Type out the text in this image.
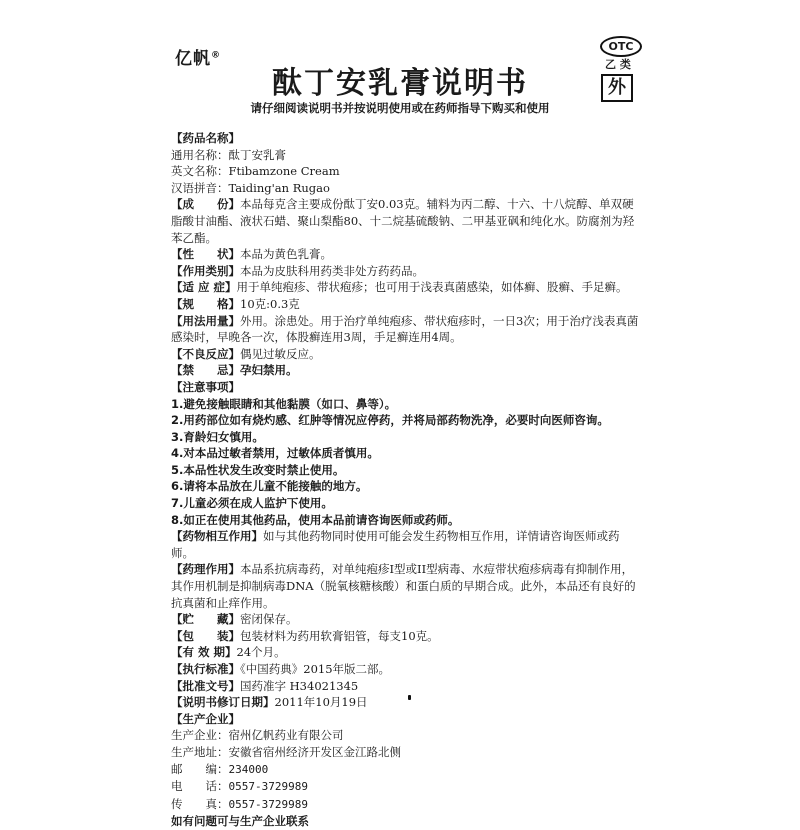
亿帆®
酞丁安乳膏说明书
请仔细阅读说明书并按说明使用或在药师指导下购买和使用
OTC
乙 类
外

【药品名称】

通用名称：酞丁安乳膏

英文名称：Ftibamzone Cream

汉语拼音：Taiding'an Rugao

【成　　份】本品每克含主要成份酞丁安0.03克。辅料为丙二醇、十六、十八烷醇、单双硬脂酸甘油酯、液状石蜡、聚山梨酯80、十二烷基硫酸钠、二甲基亚砜和纯化水。防腐剂为羟苯乙酯。

【性　　状】本品为黄色乳膏。

【作用类别】本品为皮肤科用药类非处方药药品。

【适 应 症】用于单纯疱疹、带状疱疹；也可用于浅表真菌感染，如体癣、股癣、手足癣。

【规　　格】10克:0.3克

【用法用量】外用。涂患处。用于治疗单纯疱疹、带状疱疹时，一日3次；用于治疗浅表真菌感染时，早晚各一次，体股癣连用3周，手足癣连用4周。

【不良反应】偶见过敏反应。

【禁　　忌】孕妇禁用。

【注意事项】

1.避免接触眼睛和其他黏膜（如口、鼻等）。

2.用药部位如有烧灼感、红肿等情况应停药，并将局部药物洗净，必要时向医师咨询。

3.育龄妇女慎用。

4.对本品过敏者禁用，过敏体质者慎用。

5.本品性状发生改变时禁止使用。

6.请将本品放在儿童不能接触的地方。

7.儿童必须在成人监护下使用。

8.如正在使用其他药品，使用本品前请咨询医师或药师。

【药物相互作用】如与其他药物同时使用可能会发生药物相互作用，详情请咨询医师或药师。

【药理作用】本品系抗病毒药，对单纯疱疹I型或II型病毒、水痘带状疱疹病毒有抑制作用，其作用机制是抑制病毒DNA（脱氧核糖核酸）和蛋白质的早期合成。此外，本品还有良好的抗真菌和止痒作用。

【贮　　藏】密闭保存。

【包　　装】包装材料为药用软膏铝管，每支10克。

【有 效 期】24个月。

【执行标准】《中国药典》2015年版二部。

【批准文号】国药准字 H34021345

【说明书修订日期】2011年10月19日

【生产企业】

生产企业：宿州亿帆药业有限公司

生产地址：安徽省宿州经济开发区金江路北侧

邮　　编：234000

电　　话：0557-3729989

传　　真：0557-3729989

如有问题可与生产企业联系
